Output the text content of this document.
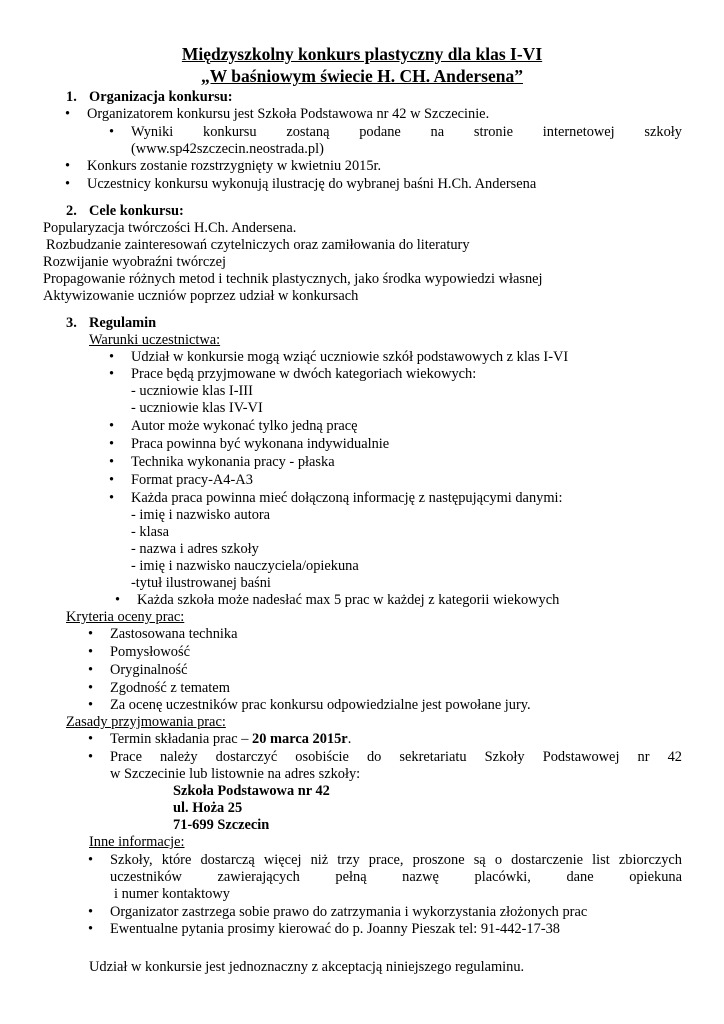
Międzyszkolny konkurs plastyczny dla klas I-VI
„W baśniowym świecie H. CH. Andersena”
1. Organizacja konkursu:
• Organizatorem konkursu jest Szkoła Podstawowa nr 42 w Szczecinie.
• Wyniki konkursu zostaną podane na stronie internetowej szkoły
(www.sp42szczecin.neostrada.pl)
• Konkurs zostanie rozstrzygnięty w kwietniu 2015r.
• Uczestnicy konkursu wykonują ilustrację do wybranej baśni H.Ch. Andersena
2. Cele konkursu:
Popularyzacja twórczości H.Ch. Andersena.
Rozbudzanie zainteresowań czytelniczych oraz zamiłowania do literatury
Rozwijanie wyobraźni twórczej
Propagowanie różnych metod i technik plastycznych, jako środka wypowiedzi własnej
Aktywizowanie uczniów poprzez udział w konkursach
3. Regulamin
Warunki uczestnictwa:
• Udział w konkursie mogą wziąć uczniowie szkół podstawowych z klas I-VI
• Prace będą przyjmowane w dwóch kategoriach wiekowych:
- uczniowie klas I-III
- uczniowie klas IV-VI
• Autor może wykonać tylko jedną pracę
• Praca powinna być wykonana indywidualnie
• Technika wykonania pracy - płaska
• Format pracy-A4-A3
• Każda praca powinna mieć dołączoną informację z następującymi danymi:
- imię i nazwisko autora
- klasa
- nazwa i adres szkoły
- imię i nazwisko nauczyciela/opiekuna
-tytuł ilustrowanej baśni
• Każda szkoła może nadesłać max 5 prac w każdej z kategorii wiekowych
Kryteria oceny prac:
• Zastosowana technika
• Pomysłowość
• Oryginalność
• Zgodność z tematem
• Za ocenę uczestników prac konkursu odpowiedzialne jest powołane jury.
Zasady przyjmowania prac:
• Termin składania prac – 20 marca 2015r.
• Prace należy dostarczyć osobiście do sekretariatu Szkoły Podstawowej nr 42
w Szczecinie lub listownie na adres szkoły:
Szkoła Podstawowa nr 42
ul. Hoża 25
71-699 Szczecin
Inne informacje:
• Szkoły, które dostarczą więcej niż trzy prace, proszone są o dostarczenie list zbiorczych
uczestników zawierających pełną nazwę placówki, dane opiekuna
i numer kontaktowy
• Organizator zastrzega sobie prawo do zatrzymania i wykorzystania złożonych prac
• Ewentualne pytania prosimy kierować do p. Joanny Pieszak tel: 91-442-17-38
Udział w konkursie jest jednoznaczny z akceptacją niniejszego regulaminu.
